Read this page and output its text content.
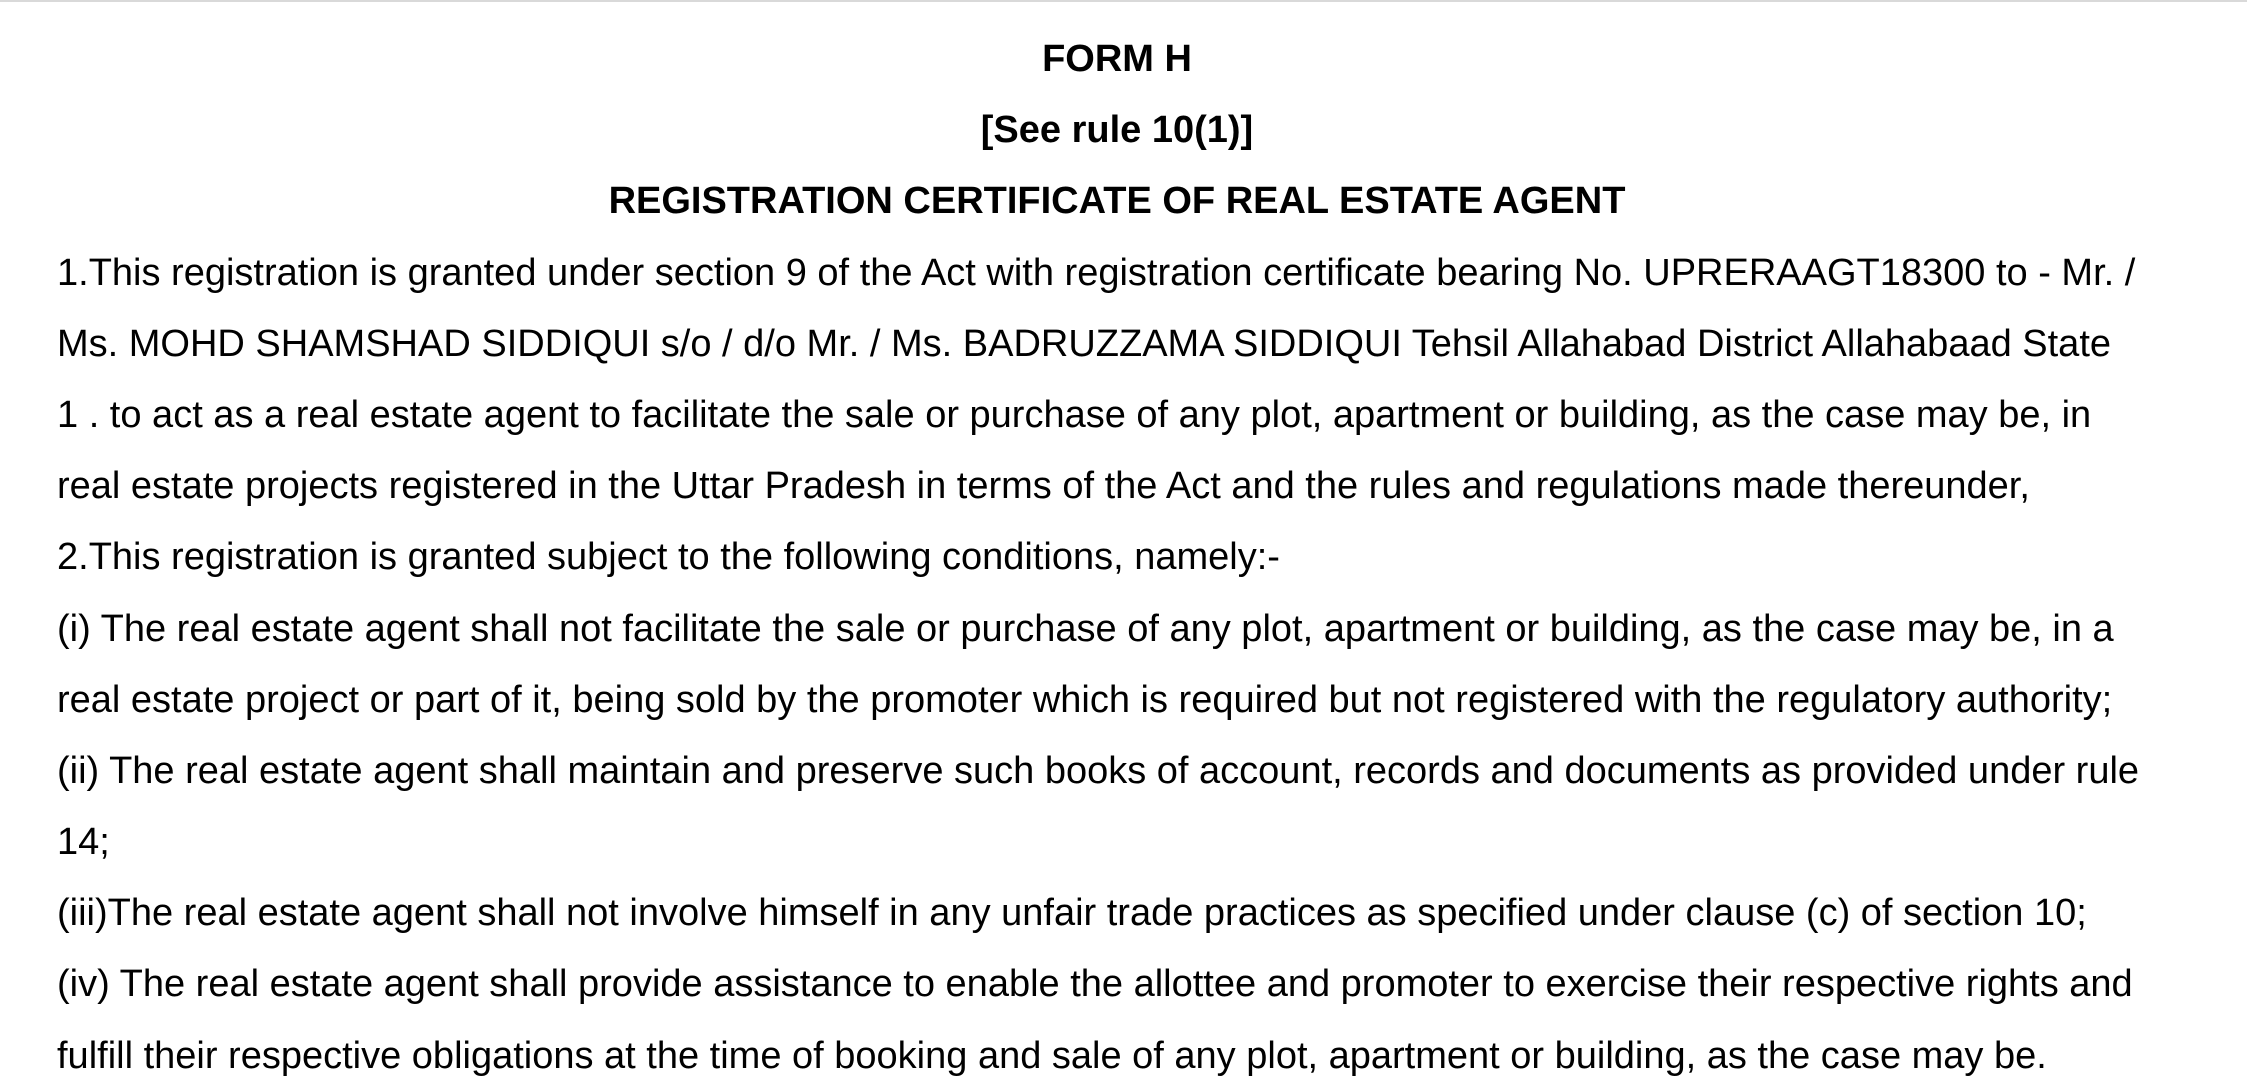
FORM H
[See rule 10(1)]
REGISTRATION CERTIFICATE OF REAL ESTATE AGENT
1.This registration is granted under section 9 of the Act with registration certificate bearing No. UPRERAAGT18300 to - Mr. /
Ms. MOHD SHAMSHAD SIDDIQUI s/o / d/o Mr. / Ms. BADRUZZAMA SIDDIQUI Tehsil Allahabad District Allahabaad State
1 . to act as a real estate agent to facilitate the sale or purchase of any plot, apartment or building, as the case may be, in
real estate projects registered in the Uttar Pradesh in terms of the Act and the rules and regulations made thereunder,
2.This registration is granted subject to the following conditions, namely:-
(i) The real estate agent shall not facilitate the sale or purchase of any plot, apartment or building, as the case may be, in a
real estate project or part of it, being sold by the promoter which is required but not registered with the regulatory authority;
(ii) The real estate agent shall maintain and preserve such books of account, records and documents as provided under rule
14;
(iii)The real estate agent shall not involve himself in any unfair trade practices as specified under clause (c) of section 10;
(iv) The real estate agent shall provide assistance to enable the allottee and promoter to exercise their respective rights and
fulfill their respective obligations at the time of booking and sale of any plot, apartment or building, as the case may be.
